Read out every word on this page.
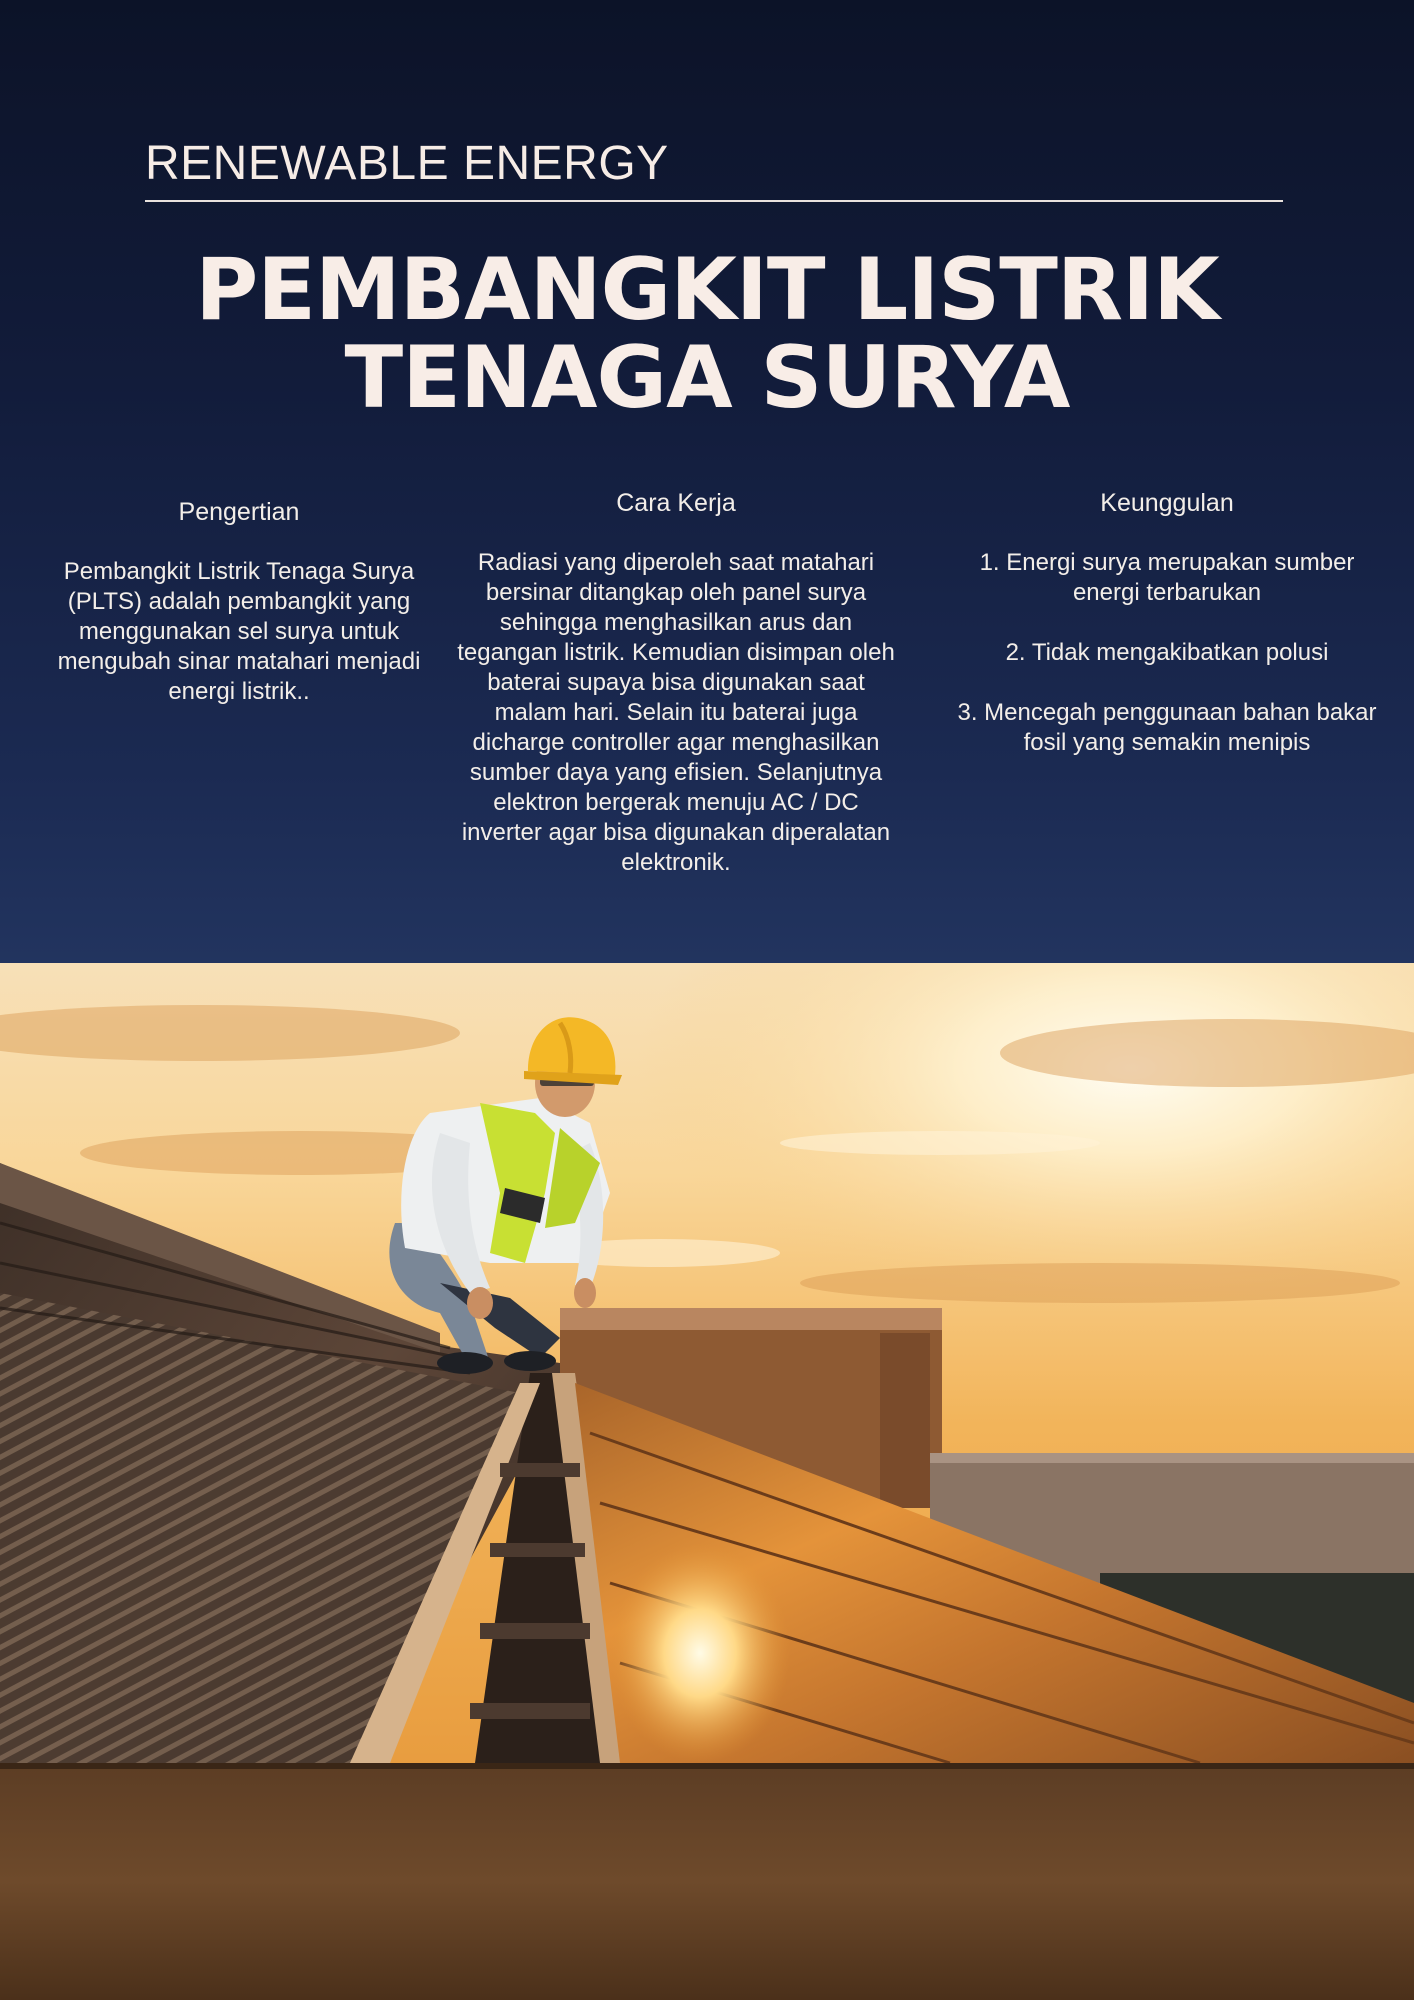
RENEWABLE ENERGY
PEMBANGKIT LISTRIK
TENAGA SURYA
Pengertian

Pembangkit Listrik Tenaga Surya (PLTS) adalah pembangkit yang menggunakan sel surya untuk mengubah sinar matahari menjadi energi listrik..

Cara Kerja

Radiasi yang diperoleh saat matahari bersinar ditangkap oleh panel surya sehingga menghasilkan arus dan tegangan listrik. Kemudian disimpan oleh baterai supaya bisa digunakan saat malam hari. Selain itu baterai juga dicharge controller agar menghasilkan sumber daya yang efisien. Selanjutnya elektron bergerak menuju AC / DC inverter agar bisa digunakan diperalatan elektronik.

Keunggulan
1. Energi surya merupakan sumber energi terbarukan
2. Tidak mengakibatkan polusi
3. Mencegah penggunaan bahan bakar fosil yang semakin menipis
